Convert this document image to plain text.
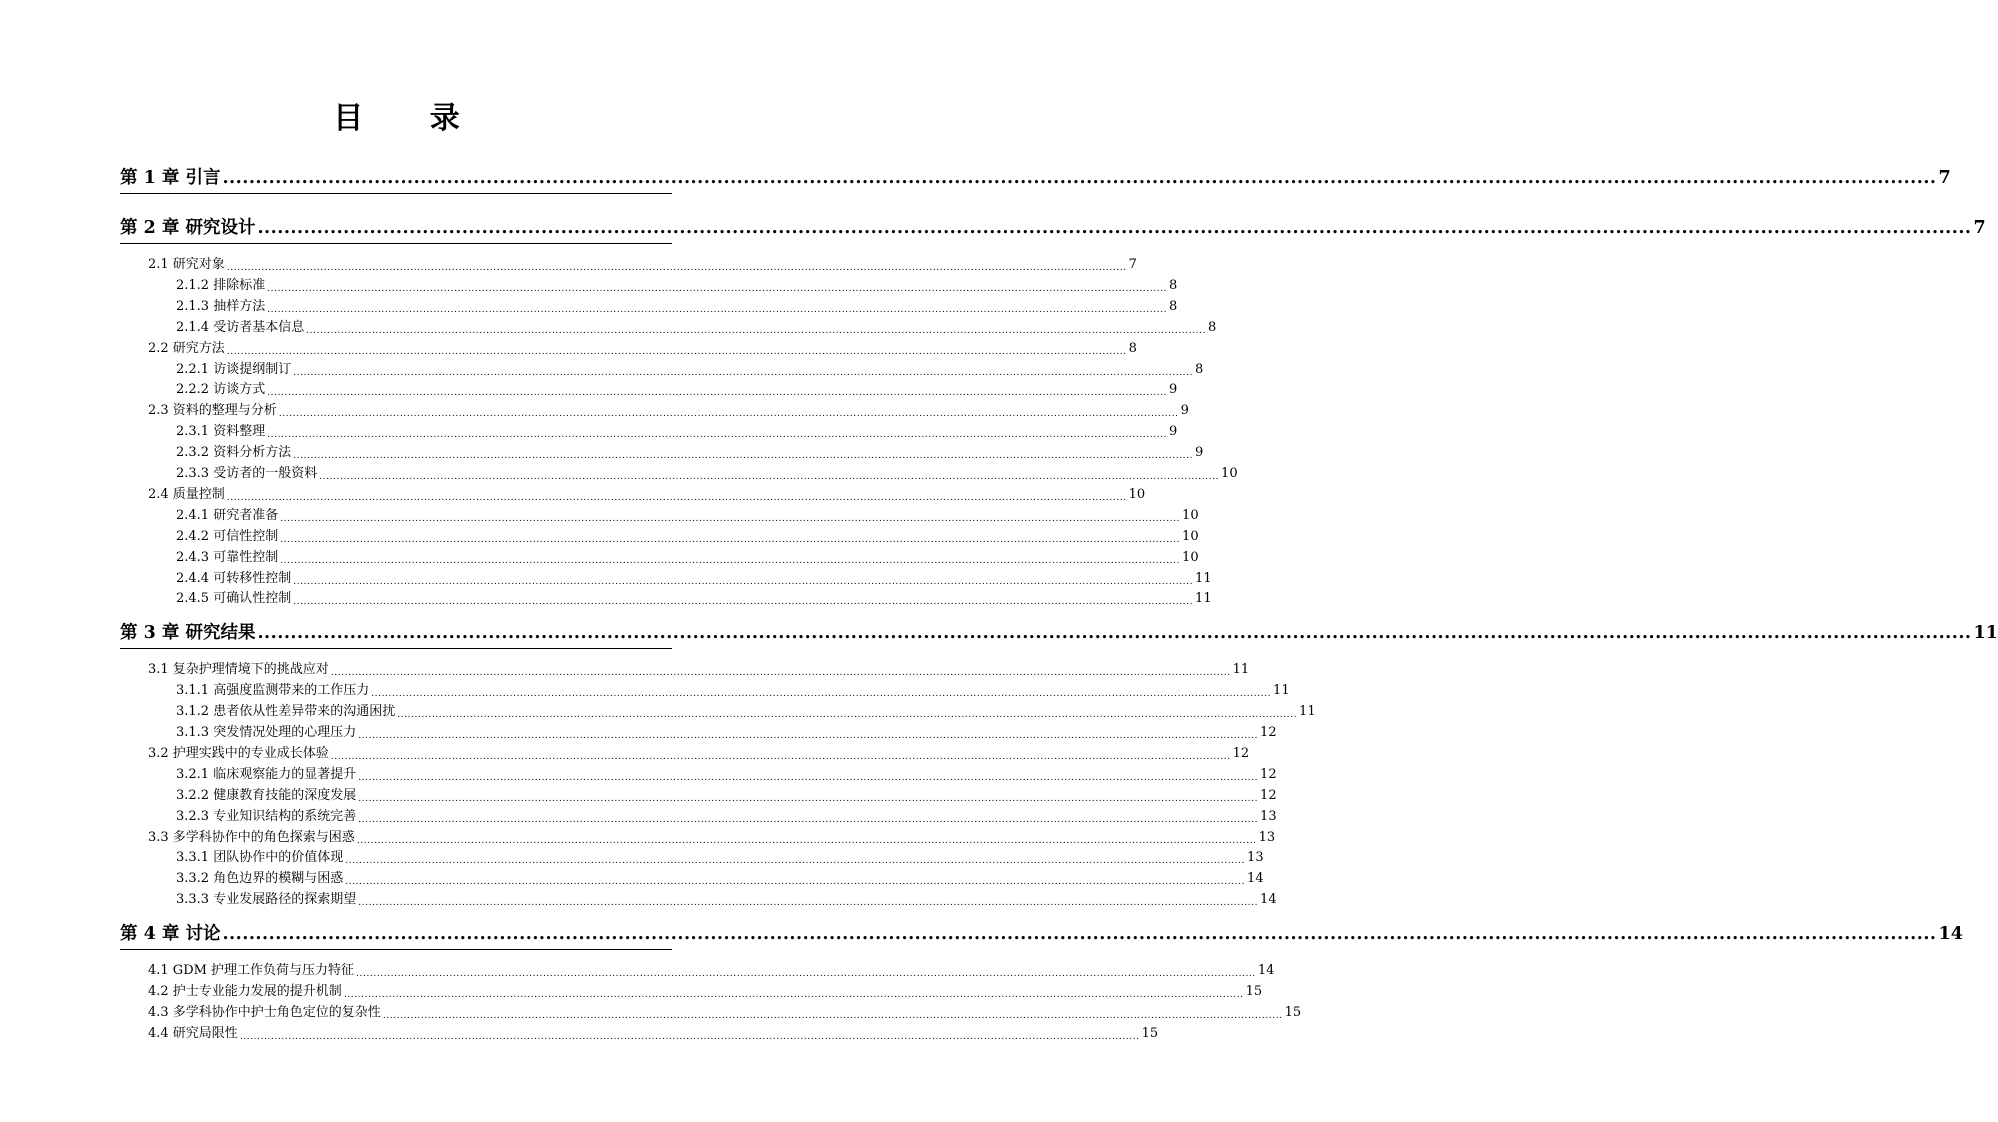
目 录
第 1 章 引言 .................................................................................................................................................................................................................................................................... 7
第 2 章 研究设计 .................................................................................................................................................................................................................................................................... 7
2.1 研究对象 .................................................................................................................................................................................................................................................................... 7
2.1.2 排除标准 .................................................................................................................................................................................................................................................................... 8
2.1.3 抽样方法 .................................................................................................................................................................................................................................................................... 8
2.1.4 受访者基本信息 .................................................................................................................................................................................................................................................................... 8
2.2 研究方法 .................................................................................................................................................................................................................................................................... 8
2.2.1 访谈提纲制订 .................................................................................................................................................................................................................................................................... 8
2.2.2 访谈方式 .................................................................................................................................................................................................................................................................... 9
2.3 资料的整理与分析 .................................................................................................................................................................................................................................................................... 9
2.3.1 资料整理 .................................................................................................................................................................................................................................................................... 9
2.3.2 资料分析方法 .................................................................................................................................................................................................................................................................... 9
2.3.3 受访者的一般资料 .................................................................................................................................................................................................................................................................... 10
2.4 质量控制 .................................................................................................................................................................................................................................................................... 10
2.4.1 研究者准备 .................................................................................................................................................................................................................................................................... 10
2.4.2 可信性控制 .................................................................................................................................................................................................................................................................... 10
2.4.3 可靠性控制 .................................................................................................................................................................................................................................................................... 10
2.4.4 可转移性控制 .................................................................................................................................................................................................................................................................... 11
2.4.5 可确认性控制 .................................................................................................................................................................................................................................................................... 11
第 3 章 研究结果 .................................................................................................................................................................................................................................................................... 11
3.1 复杂护理情境下的挑战应对 .................................................................................................................................................................................................................................................................... 11
3.1.1 高强度监测带来的工作压力 .................................................................................................................................................................................................................................................................... 11
3.1.2 患者依从性差异带来的沟通困扰 .................................................................................................................................................................................................................................................................... 11
3.1.3 突发情况处理的心理压力 .................................................................................................................................................................................................................................................................... 12
3.2 护理实践中的专业成长体验 .................................................................................................................................................................................................................................................................... 12
3.2.1 临床观察能力的显著提升 .................................................................................................................................................................................................................................................................... 12
3.2.2 健康教育技能的深度发展 .................................................................................................................................................................................................................................................................... 12
3.2.3 专业知识结构的系统完善 .................................................................................................................................................................................................................................................................... 13
3.3 多学科协作中的角色探索与困惑 .................................................................................................................................................................................................................................................................... 13
3.3.1 团队协作中的价值体现 .................................................................................................................................................................................................................................................................... 13
3.3.2 角色边界的模糊与困惑 .................................................................................................................................................................................................................................................................... 14
3.3.3 专业发展路径的探索期望 .................................................................................................................................................................................................................................................................... 14
第 4 章 讨论 .................................................................................................................................................................................................................................................................... 14
4.1 GDM 护理工作负荷与压力特征 .................................................................................................................................................................................................................................................................... 14
4.2 护士专业能力发展的提升机制 .................................................................................................................................................................................................................................................................... 15
4.3 多学科协作中护士角色定位的复杂性 .................................................................................................................................................................................................................................................................... 15
4.4 研究局限性 .................................................................................................................................................................................................................................................................... 15
